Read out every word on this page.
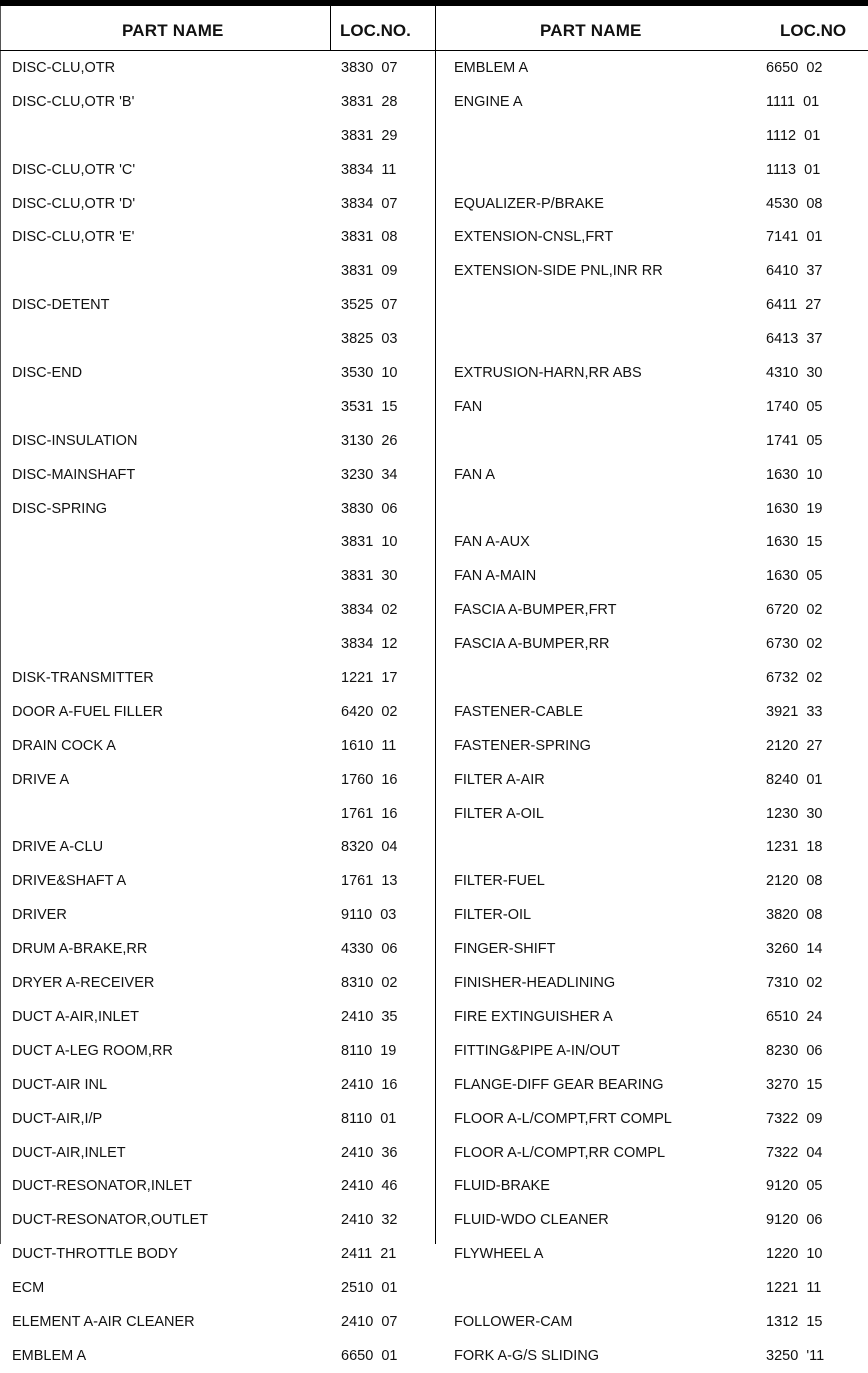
PART NAME	LOC.NO.
DISC-CLU,OTR	3830  07
DISC-CLU,OTR 'B'	3831  28
3831  29
DISC-CLU,OTR 'C'	3834  11
DISC-CLU,OTR 'D'	3834  07
DISC-CLU,OTR 'E'	3831  08
3831  09
DISC-DETENT	3525  07
3825  03
DISC-END	3530  10
3531  15
DISC-INSULATION	3130  26
DISC-MAINSHAFT	3230  34
DISC-SPRING	3830  06
3831  10
3831  30
3834  02
3834  12
DISK-TRANSMITTER	1221  17
DOOR A-FUEL FILLER	6420  02
DRAIN COCK A	1610  11
DRIVE A	1760  16
1761  16
DRIVE A-CLU	8320  04
DRIVE&SHAFT A	1761  13
DRIVER	9110  03
DRUM A-BRAKE,RR	4330  06
DRYER A-RECEIVER	8310  02
DUCT A-AIR,INLET	2410  35
DUCT A-LEG ROOM,RR	8110  19
DUCT-AIR INL	2410  16
DUCT-AIR,I/P	8110  01
DUCT-AIR,INLET	2410  36
DUCT-RESONATOR,INLET	2410  46
DUCT-RESONATOR,OUTLET	2410  32
DUCT-THROTTLE BODY	2411  21
ECM	2510  01
ELEMENT A-AIR CLEANER	2410  07
EMBLEM A	6650  01
PART NAME	LOC.NO
EMBLEM A	6650  02
ENGINE A	1111  01
1112  01
1113  01
EQUALIZER-P/BRAKE	4530  08
EXTENSION-CNSL,FRT	7141  01
EXTENSION-SIDE PNL,INR RR	6410  37
6411  27
6413  37
EXTRUSION-HARN,RR ABS	4310  30
FAN	1740  05
1741  05
FAN A	1630  10
1630  19
FAN A-AUX	1630  15
FAN A-MAIN	1630  05
FASCIA A-BUMPER,FRT	6720  02
FASCIA A-BUMPER,RR	6730  02
6732  02
FASTENER-CABLE	3921  33
FASTENER-SPRING	2120  27
FILTER A-AIR	8240  01
FILTER A-OIL	1230  30
1231  18
FILTER-FUEL	2120  08
FILTER-OIL	3820  08
FINGER-SHIFT	3260  14
FINISHER-HEADLINING	7310  02
FIRE EXTINGUISHER A	6510  24
FITTING&PIPE A-IN/OUT	8230  06
FLANGE-DIFF GEAR BEARING	3270  15
FLOOR A-L/COMPT,FRT COMPL	7322  09
FLOOR A-L/COMPT,RR COMPL	7322  04
FLUID-BRAKE	9120  05
FLUID-WDO CLEANER	9120  06
FLYWHEEL A	1220  10
1221  11
FOLLOWER-CAM	1312  15
FORK A-G/S SLIDING	3250  '11
